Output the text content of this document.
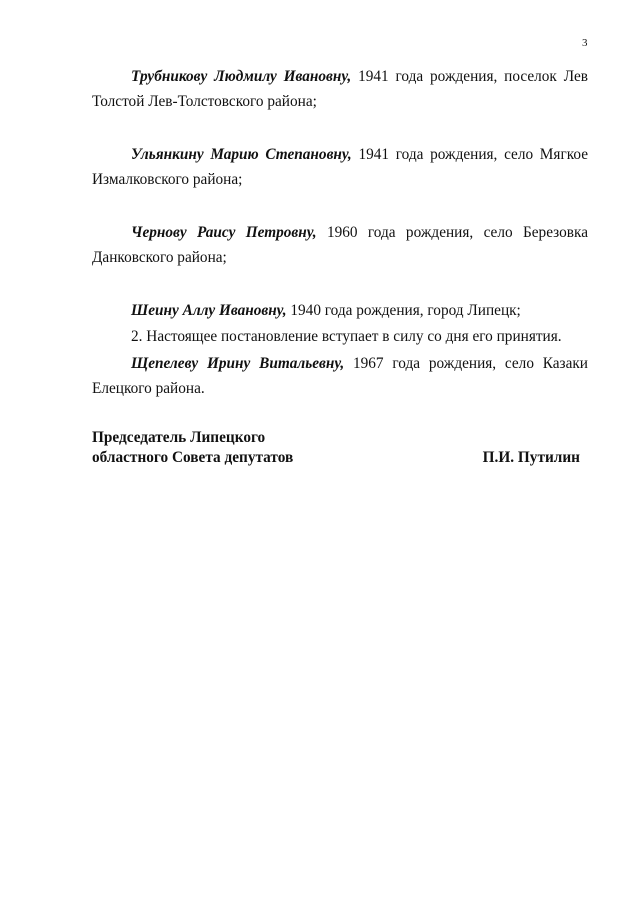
3

Трубникову Людмилу Ивановну, 1941 года рождения, поселок Лев Толстой Лев-Толстовского района;

Ульянкину Марию Степановну, 1941 года рождения, село Мягкое Измалковского района;

Чернову Раису Петровну, 1960 года рождения, село Березовка Данковского района;

Шеину Аллу Ивановну, 1940 года рождения, город Липецк;

Щепелеву Ирину Витальевну, 1967 года рождения, село Казаки Елецкого района.

2. Настоящее постановление вступает в силу со дня его принятия.
Председатель Липецкого
областного Совета депутатов	П.И. Путилин
